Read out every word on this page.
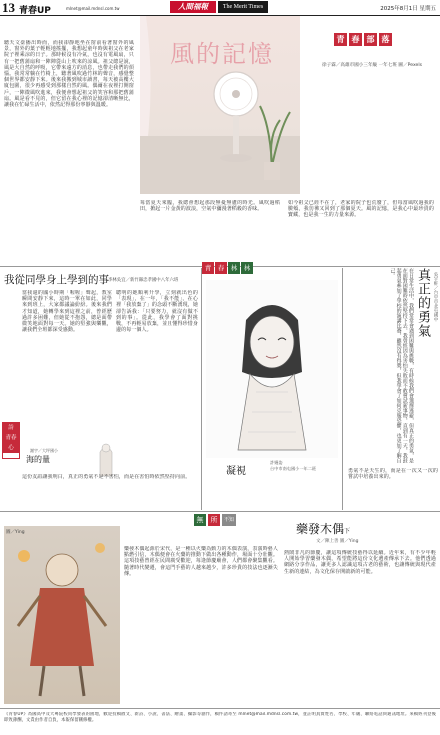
13 青春UP	mlnet@mail.mdnsl.com.tw	人間福報	The Merit Times	2025年8月1日 星期五
聽天文臺播出時而，而我卻靜地坐在窗前看著窗外的風景，窗外的葉子輕輕地搖擺，我想起童年時與祖父在老家院子裡乘涼的日子。那時候沒有冷氣，也沒有電風扇，只有一把舊蒲扇和一陣陣從山上吹來的涼風。祖父總是說，風是大自然的呼吸，它帶來遠方的消息，也帶走我們的煩惱。我常常躺在竹椅上，聽著風吹過竹林的聲音，感覺整個世界都安靜下來。後來我搬到城市讀書，每天被高樓大廈包圍，很少再感受到那樣自然的風。偶爾在夜裡打開窗戶，一陣微風吹進來，我便會想起祖父的笑容和那把舊蒲扇。風是看不見的，但它留在我心裡的記憶卻清晰無比，讓我在忙碌生活中，依然記得那份寧靜與溫暖。
風的記憶
青 春 部 落
徐子霖／高雄市國小三年級 一年七班 圖／Pexels
每當夏天來臨，我總會想起那段無憂無慮的時光。風吹過稻田，掀起一片金黃的波浪，空氣中瀰漫著稻穀的香味。
如今祖父已經不在了，老家的院子也荒廢了，但每當風吹過我的臉頰，我彷彿又回到了那個夏天。風的記憶，是我心中最珍貴的寶藏，也是我一生的力量來源。
我從同學身上學到的事 李林吳宜／新竹縣忠孝國中八年六班
當我還的國小時期「喔喔」聲起，教室瞬間安靜下來，這時一單在如此，同學來到班上，大家都議論紛紛。後來我們才知道，她轉學來到這裡之前，曾經歷過許多困難，但她從不抱怨，總是面帶微笑地面對每一天。她的堅強與樂觀，讓我們全班都深受感動。
聰明的她順利升學，立刻就出色的「表現」，在一年，「我不能」，在心裡「我放棄了」的念頭不斷湧現，她卻告訴我：「只要努力，就沒有做不到的事」。從此，我學會了面對挑戰，不再輕易放棄，並且懂得珍惜身邊的每一個人。
詩
青春
心	謝宇／大坪國小
海的量
這份友誼讓我明白，真正的勇氣不是不害怕，而是在害怕時依然堅持向前。
青	春	林	林
凝視
許嫚姿
台中市南屯國小一年二班
真正的勇氣 吳宇軒／台中市北屯國中
在日常生活中，我們常常會遇到困難與挑戰，有時候我們會選擇逃避，但真正的勇氣，是在面對困難時依然堅持下去。我曾經因為害怕失敗而不敢嘗試新事物，直到有一天，我鼓起勇氣參加了學校的演講比賽，雖然沒有得獎，但我學會了如何克服恐懼，也更加了解自己。
勇氣不是天生的，而是在一次又一次的嘗試中培養出來的。
圖／Ying
無	所	不知
藥發木偶下
文／陳上善 圖／Ying
藥發木偶起源於宋代，是一種以火藥為動力的木偶表演，表演時藝人點燃引信，木偶便會在火藥的推動下做出各種動作，場面十分壯觀。這項技藝曾經在民間廣受歡迎，每逢節慶廟會，人們都會聚集觀看。隨著時代變遷，會這門手藝的人越來越少，許多珍貴的技法也逐漸失傳。
熱鬧非凡的節慶，讓這項傳統技藝得以延續。近年來，有不少年輕人開始學習藥發木偶，希望能將這份文化遺產傳承下去。他們透過網路分享作品，讓更多人認識這項古老的藝術，也讓傳統與現代產生新的連結，為文化保存開啟新的可能。
《青春UP》為國高中及大專院校同學發表的園地，歡迎投稿散文、新詩、小說、書法、繪畫、攝影等創作，稿件請寄至 mlnet@mail.mdnsl.com.tw，並註明真實姓名、學校、年級、聯絡電話與通訊地址。來稿經刊登後即致薄酬，文責由作者自負，本報保留刪修權。
